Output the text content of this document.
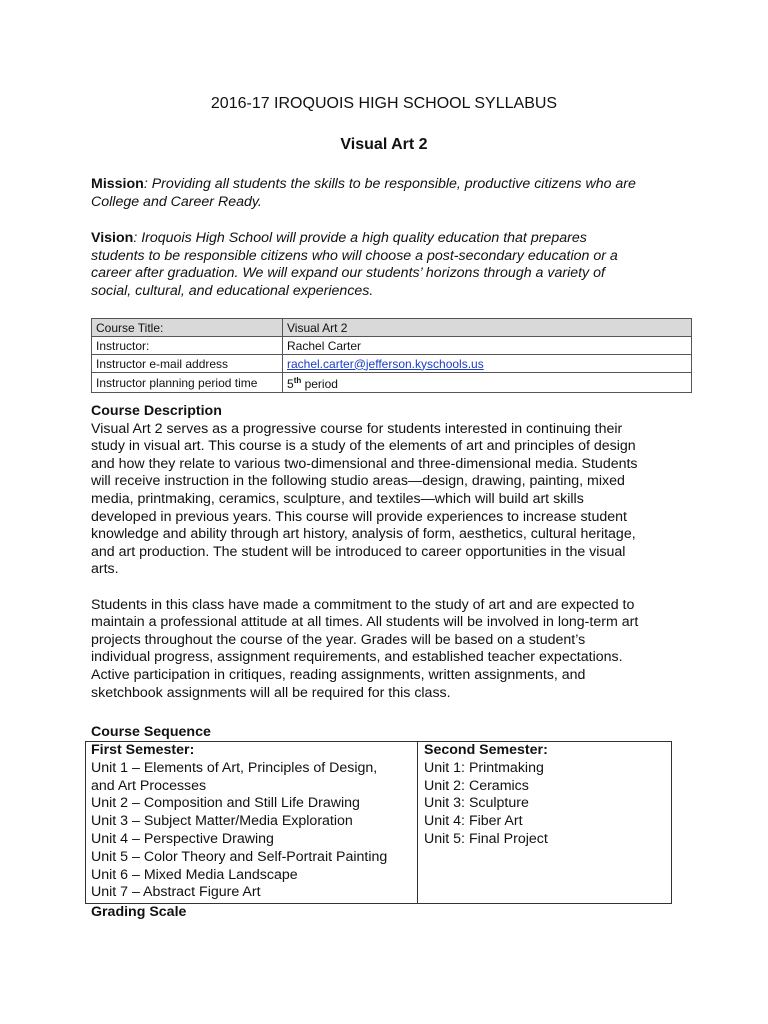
2016-17 IROQUOIS HIGH SCHOOL SYLLABUS
Visual Art 2
Mission: Providing all students the skills to be responsible, productive citizens who are
College and Career Ready.
Vision: Iroquois High School will provide a high quality education that prepares
students to be responsible citizens who will choose a post-secondary education or a
career after graduation. We will expand our students’ horizons through a variety of
social, cultural, and educational experiences.
Course Title:	Visual Art 2
Instructor:	Rachel Carter
Instructor e-mail address	rachel.carter@jefferson.kyschools.us
Instructor planning period time	5th period
Course Description
Visual Art 2 serves as a progressive course for students interested in continuing their
study in visual art. This course is a study of the elements of art and principles of design
and how they relate to various two-dimensional and three-dimensional media. Students
will receive instruction in the following studio areas—design, drawing, painting, mixed
media, printmaking, ceramics, sculpture, and textiles—which will build art skills
developed in previous years. This course will provide experiences to increase student
knowledge and ability through art history, analysis of form, aesthetics, cultural heritage,
and art production. The student will be introduced to career opportunities in the visual
arts.
Students in this class have made a commitment to the study of art and are expected to
maintain a professional attitude at all times. All students will be involved in long-term art
projects throughout the course of the year. Grades will be based on a student’s
individual progress, assignment requirements, and established teacher expectations.
Active participation in critiques, reading assignments, written assignments, and
sketchbook assignments will all be required for this class.
Course Sequence
First Semester:
Unit 1 – Elements of Art, Principles of Design,
and Art Processes
Unit 2 – Composition and Still Life Drawing
Unit 3 – Subject Matter/Media Exploration
Unit 4 – Perspective Drawing
Unit 5 – Color Theory and Self-Portrait Painting
Unit 6 – Mixed Media Landscape
Unit 7 – Abstract Figure Art
Second Semester:
Unit 1: Printmaking
Unit 2: Ceramics
Unit 3: Sculpture
Unit 4: Fiber Art
Unit 5: Final Project
Grading Scale
